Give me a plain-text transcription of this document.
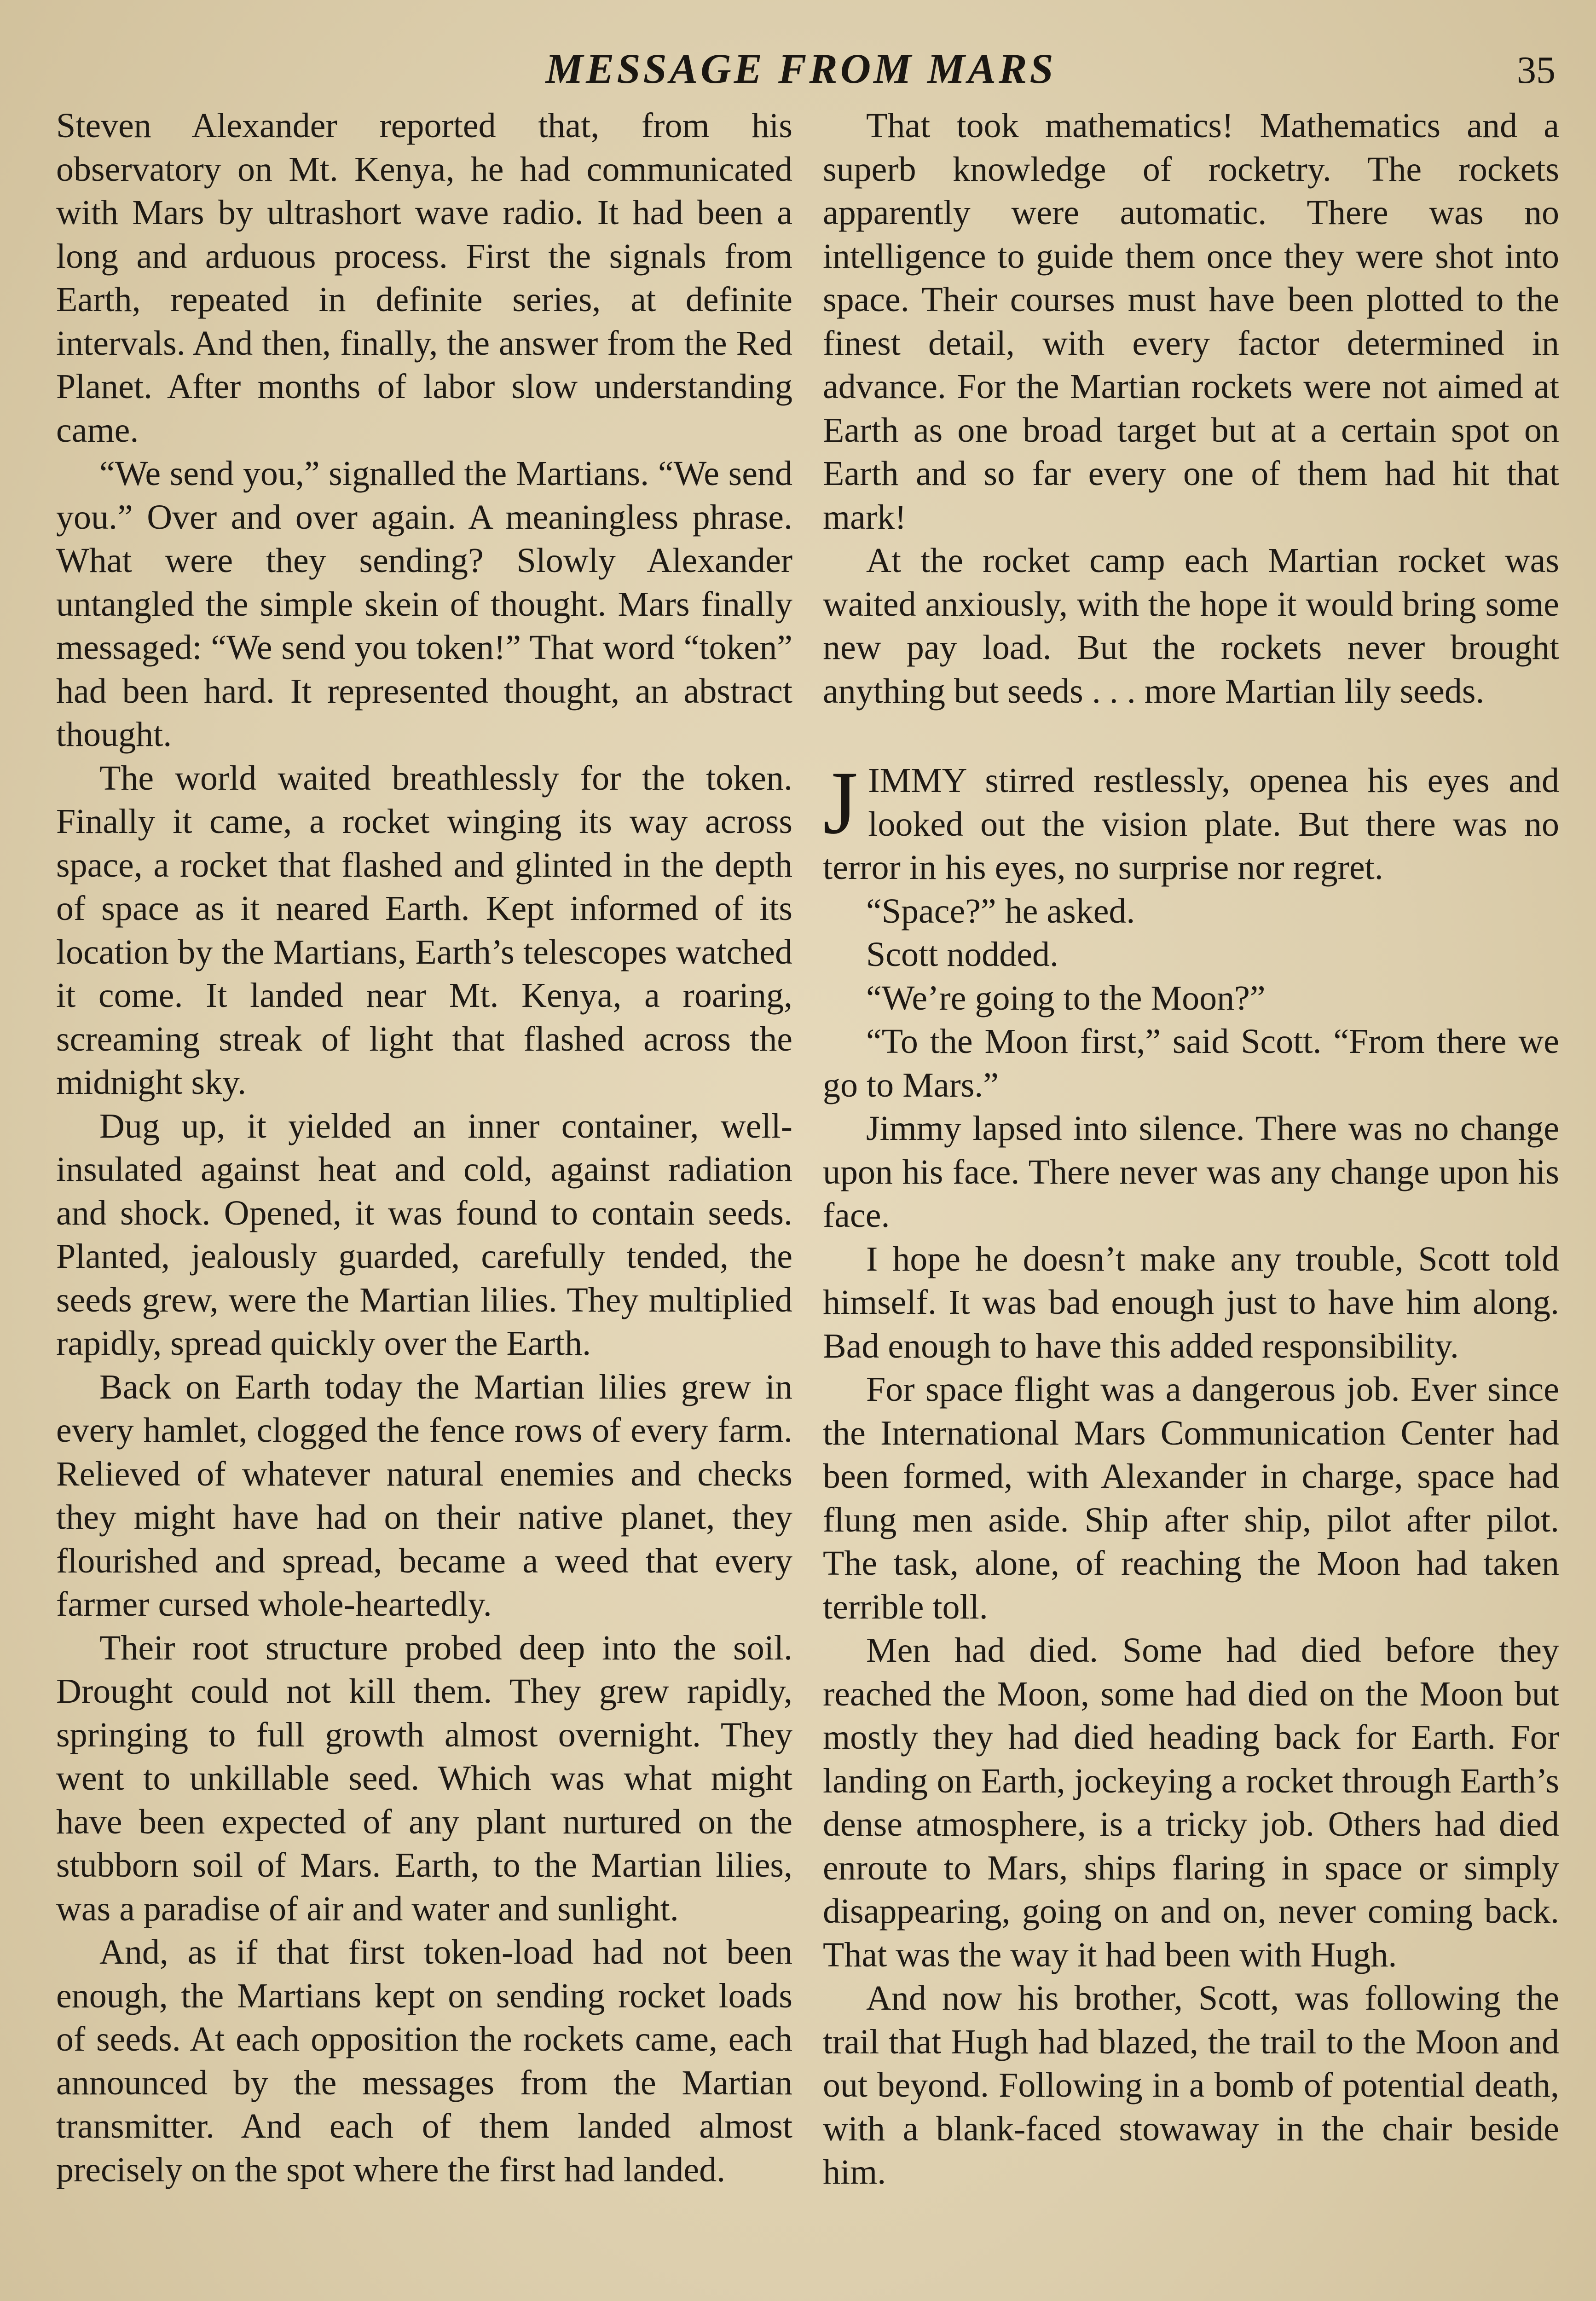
MESSAGE FROM MARS	35

Steven Alexander reported that, from his observatory on Mt. Kenya, he had communicated with Mars by ultrashort wave radio. It had been a long and arduous process. First the signals from Earth, repeated in definite series, at definite intervals. And then, finally, the answer from the Red Planet. After months of labor slow understanding came.

“We send you,” signalled the Martians. “We send you.” Over and over again. A meaningless phrase. What were they sending? Slowly Alexander untangled the simple skein of thought. Mars finally messaged: “We send you token!” That word “token” had been hard. It represented thought, an abstract thought.

The world waited breathlessly for the token. Finally it came, a rocket winging its way across space, a rocket that flashed and glinted in the depth of space as it neared Earth. Kept informed of its location by the Martians, Earth’s telescopes watched it come. It landed near Mt. Kenya, a roaring, screaming streak of light that flashed across the midnight sky.

Dug up, it yielded an inner container, well-insulated against heat and cold, against radiation and shock. Opened, it was found to contain seeds. Planted, jealously guarded, carefully tended, the seeds grew, were the Martian lilies. They multiplied rapidly, spread quickly over the Earth.

Back on Earth today the Martian lilies grew in every hamlet, clogged the fence rows of every farm. Relieved of whatever natural enemies and checks they might have had on their native planet, they flourished and spread, became a weed that every farmer cursed whole-heartedly.

Their root structure probed deep into the soil. Drought could not kill them. They grew rapidly, springing to full growth almost overnight. They went to unkillable seed. Which was what might have been expected of any plant nurtured on the stubborn soil of Mars. Earth, to the Martian lilies, was a paradise of air and water and sunlight.

And, as if that first token-load had not been enough, the Martians kept on sending rocket loads of seeds. At each opposition the rockets came, each announced by the messages from the Martian transmitter. And each of them landed almost precisely on the spot where the first had landed.

That took mathematics! Mathematics and a superb knowledge of rocketry. The rockets apparently were automatic. There was no intelligence to guide them once they were shot into space. Their courses must have been plotted to the finest detail, with every factor determined in advance. For the Martian rockets were not aimed at Earth as one broad target but at a certain spot on Earth and so far every one of them had hit that mark!

At the rocket camp each Martian rocket was waited anxiously, with the hope it would bring some new pay load. But the rockets never brought anything but seeds . . . more Martian lily seeds.

JIMMY stirred restlessly, openea his eyes and looked out the vision plate. But there was no terror in his eyes, no surprise nor regret.

“Space?” he asked.

Scott nodded.

“We’re going to the Moon?”

“To the Moon first,” said Scott. “From there we go to Mars.”

Jimmy lapsed into silence. There was no change upon his face. There never was any change upon his face.

I hope he doesn’t make any trouble, Scott told himself. It was bad enough just to have him along. Bad enough to have this added responsibility.

For space flight was a dangerous job. Ever since the International Mars Communication Center had been formed, with Alexander in charge, space had flung men aside. Ship after ship, pilot after pilot. The task, alone, of reaching the Moon had taken terrible toll.

Men had died. Some had died before they reached the Moon, some had died on the Moon but mostly they had died heading back for Earth. For landing on Earth, jockeying a rocket through Earth’s dense atmosphere, is a tricky job. Others had died enroute to Mars, ships flaring in space or simply disappearing, going on and on, never coming back. That was the way it had been with Hugh.

And now his brother, Scott, was following the trail that Hugh had blazed, the trail to the Moon and out beyond. Following in a bomb of potential death, with a blank-faced stowaway in the chair beside him.
